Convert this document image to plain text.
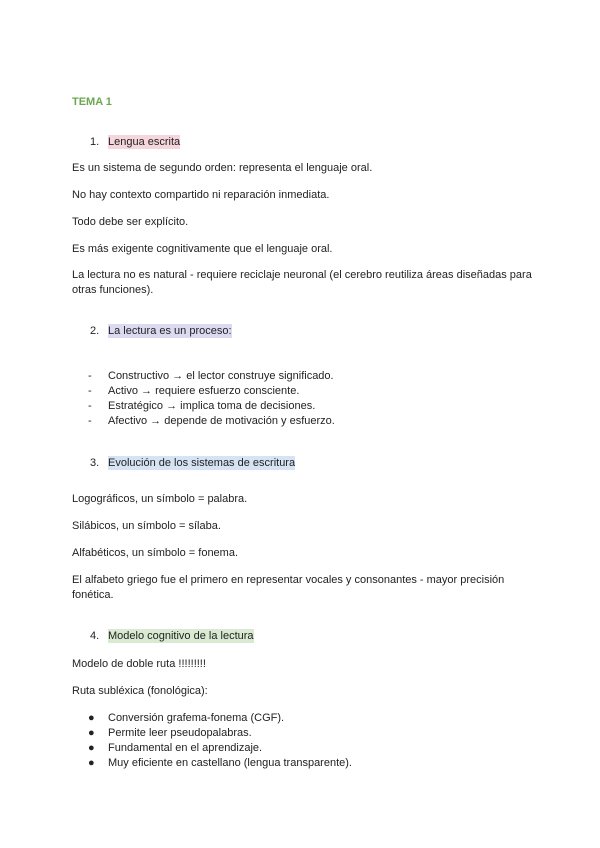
TEMA 1
1. Lengua escrita
Es un sistema de segundo orden: representa el lenguaje oral.
No hay contexto compartido ni reparación inmediata.
Todo debe ser explícito.
Es más exigente cognitivamente que el lenguaje oral.
La lectura no es natural - requiere reciclaje neuronal (el cerebro reutiliza áreas diseñadas para otras funciones).
2. La lectura es un proceso:
- Constructivo → el lector construye significado.
- Activo → requiere esfuerzo consciente.
- Estratégico → implica toma de decisiones.
- Afectivo → depende de motivación y esfuerzo.
3. Evolución de los sistemas de escritura
Logográficos, un símbolo = palabra.
Silábicos, un símbolo = sílaba.
Alfabéticos, un símbolo = fonema.
El alfabeto griego fue el primero en representar vocales y consonantes - mayor precisión fonética.
4. Modelo cognitivo de la lectura
Modelo de doble ruta !!!!!!!!!
Ruta subléxica (fonológica):
● Conversión grafema-fonema (CGF).
● Permite leer pseudopalabras.
● Fundamental en el aprendizaje.
● Muy eficiente en castellano (lengua transparente).
